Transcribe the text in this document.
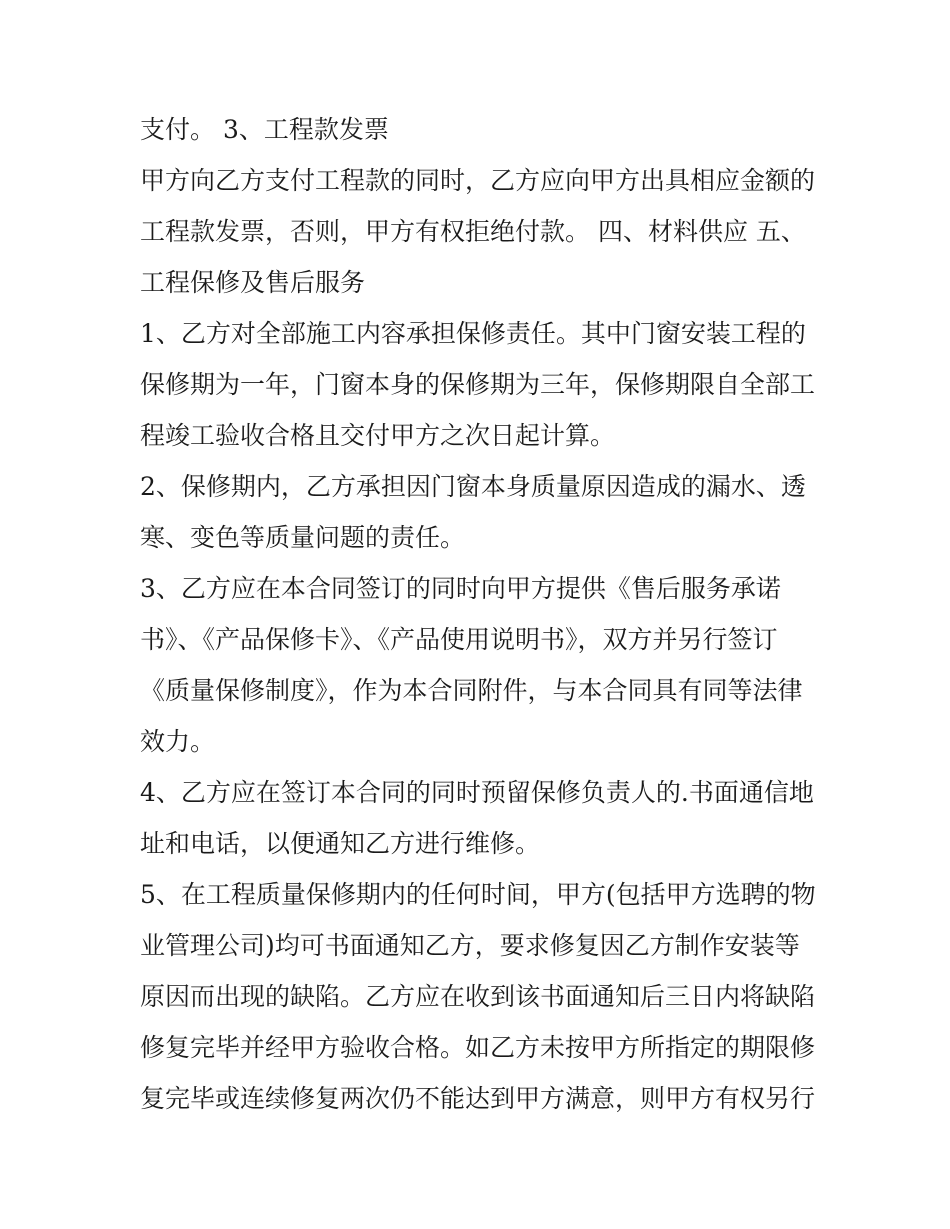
支付。 3、工程款发票

甲方向乙方支付工程款的同时，乙方应向甲方出具相应金额的工程款发票，否则，甲方有权拒绝付款。 四、材料供应 五、工程保修及售后服务

1、乙方对全部施工内容承担保修责任。其中门窗安装工程的保修期为一年，门窗本身的保修期为三年，保修期限自全部工程竣工验收合格且交付甲方之次日起计算。

2、保修期内，乙方承担因门窗本身质量原因造成的漏水、透寒、变色等质量问题的责任。

3、乙方应在本合同签订的同时向甲方提供《售后服务承诺书》、《产品保修卡》、《产品使用说明书》，双方并另行签订《质量保修制度》，作为本合同附件，与本合同具有同等法律效力。

4、乙方应在签订本合同的同时预留保修负责人的.书面通信地址和电话，以便通知乙方进行维修。

5、在工程质量保修期内的任何时间，甲方(包括甲方选聘的物业管理公司)均可书面通知乙方，要求修复因乙方制作安装等原因而出现的缺陷。乙方应在收到该书面通知后三日内将缺陷修复完毕并经甲方验收合格。如乙方未按甲方所指定的期限修复完毕或连续修复两次仍不能达到甲方满意，则甲方有权另行
